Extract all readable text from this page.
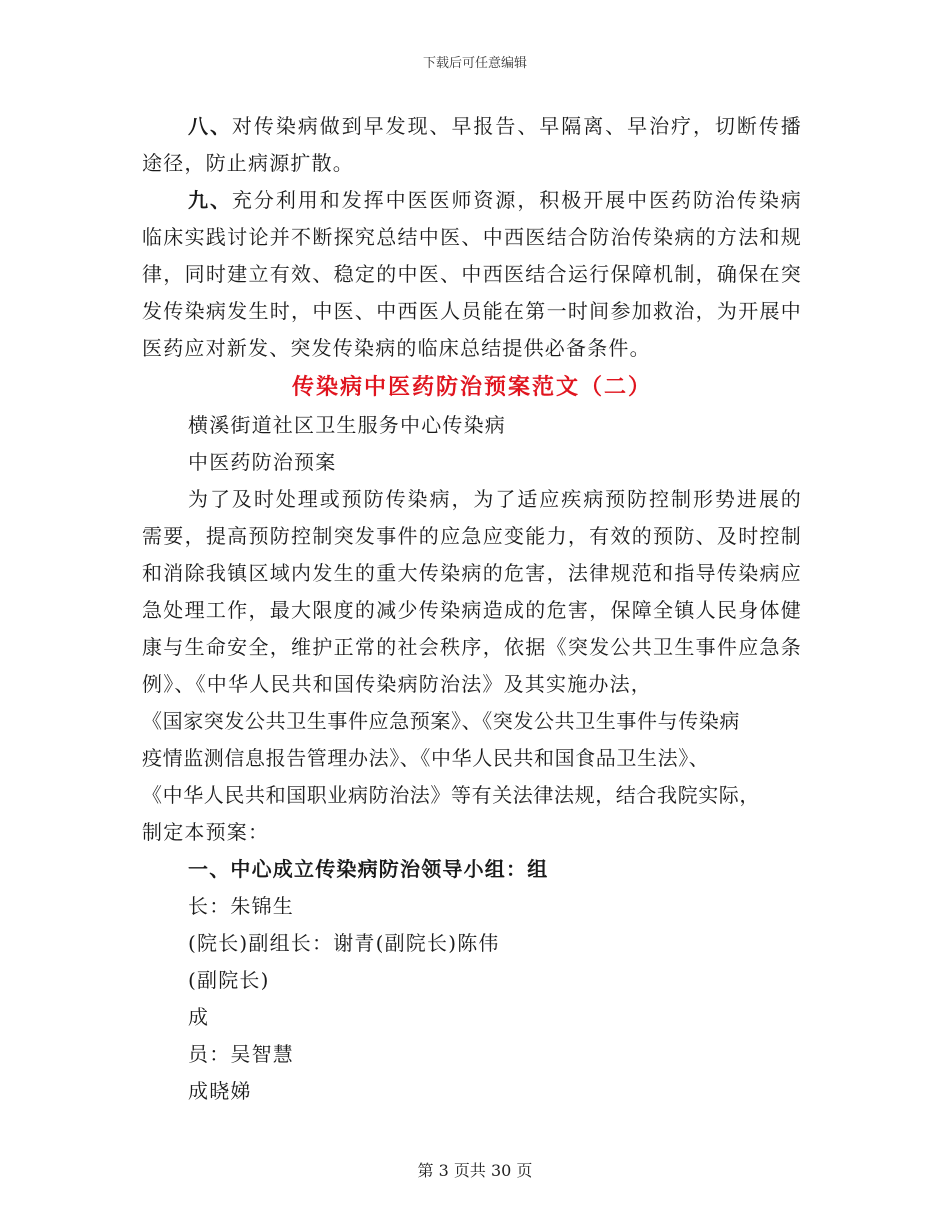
下载后可任意编辑

八、对传染病做到早发现、早报告、早隔离、早治疗，切断传播途径，防止病源扩散。

九、充分利用和发挥中医医师资源，积极开展中医药防治传染病临床实践讨论并不断探究总结中医、中西医结合防治传染病的方法和规律，同时建立有效、稳定的中医、中西医结合运行保障机制，确保在突发传染病发生时，中医、中西医人员能在第一时间参加救治，为开展中医药应对新发、突发传染病的临床总结提供必备条件。

传染病中医药防治预案范文（二）

横溪街道社区卫生服务中心传染病

中医药防治预案

为了及时处理或预防传染病，为了适应疾病预防控制形势进展的需要，提高预防控制突发事件的应急应变能力，有效的预防、及时控制和消除我镇区域内发生的重大传染病的危害，法律规范和指导传染病应急处理工作，最大限度的减少传染病造成的危害，保障全镇人民身体健康与生命安全，维护正常的社会秩序，依据《突发公共卫生事件应急条例》、《中华人民共和国传染病防治法》及其实施办法，

《国家突发公共卫生事件应急预案》、《突发公共卫生事件与传染病

疫情监测信息报告管理办法》、《中华人民共和国食品卫生法》、

《中华人民共和国职业病防治法》等有关法律法规，结合我院实际，

制定本预案：

一、中心成立传染病防治领导小组：组

长：朱锦生

(院长)副组长：谢青(副院长)陈伟

(副院长)

成

员：吴智慧

成晓娣

第 3 页共 30 页
